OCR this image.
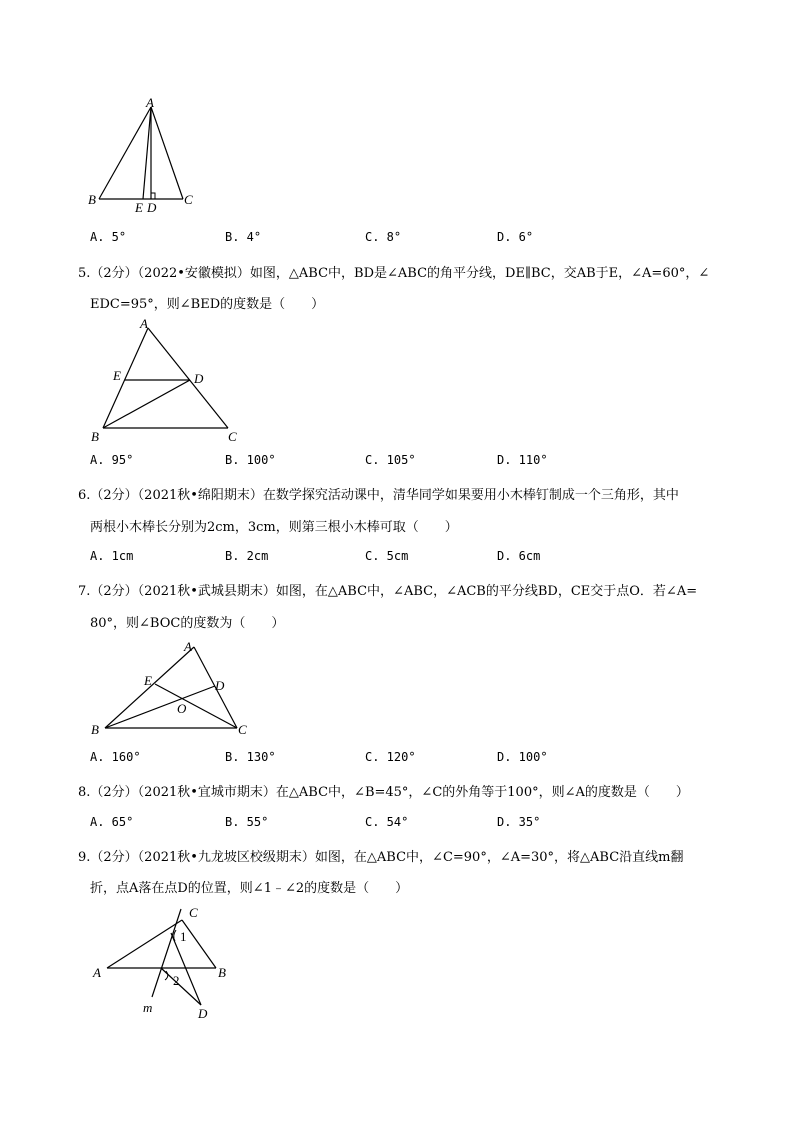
A
B	C
E D
A. 5°	B. 4°	C. 8°	D. 6°
5.（2分）（2022•安徽模拟）如图，△ABC中，BD是∠ABC的角平分线，DE∥BC，交AB于E，∠A=60°，∠
EDC=95°，则∠BED的度数是（　　）
A
E	D
B	C
A. 95°	B. 100°	C. 105°	D. 110°
6.（2分）（2021秋•绵阳期末）在数学探究活动课中，清华同学如果要用小木棒钉制成一个三角形，其中
两根小木棒长分别为2cm，3cm，则第三根小木棒可取（　　）
A. 1cm	B. 2cm	C. 5cm	D. 6cm
7.（2分）（2021秋•武城县期末）如图，在△ABC中，∠ABC，∠ACB的平分线BD，CE交于点O．若∠A=
80°，则∠BOC的度数为（　　）
A
E	D
O
B	C
A. 160°	B. 130°	C. 120°	D. 100°
8.（2分）（2021秋•宜城市期末）在△ABC中，∠B=45°，∠C的外角等于100°，则∠A的度数是（　　）
A. 65°	B. 55°	C. 54°	D. 35°
9.（2分）（2021秋•九龙坡区校级期末）如图，在△ABC中，∠C=90°，∠A=30°，将△ABC沿直线m翻
折，点A落在点D的位置，则∠1﹣∠2的度数是（　　）
C
1
A
2
B
m	D
